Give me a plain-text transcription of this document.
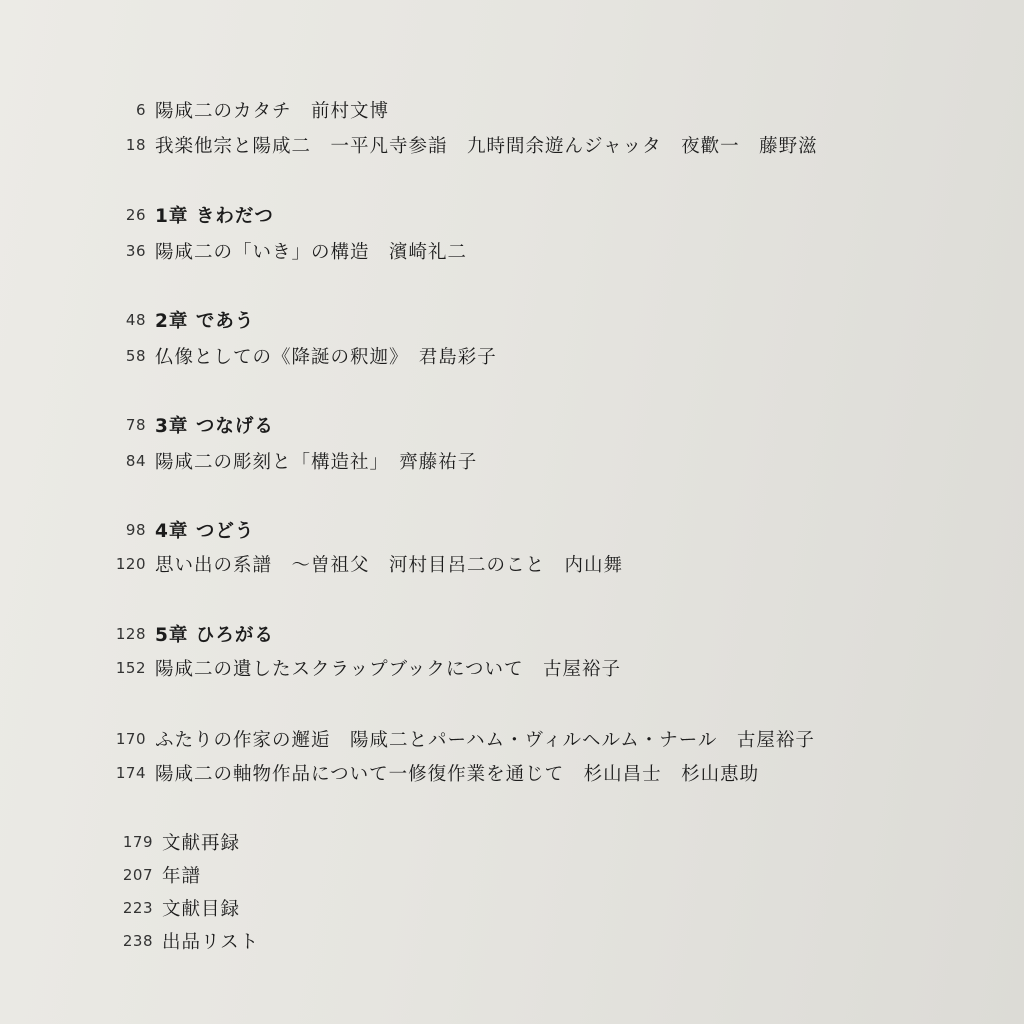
6 陽咸二のカタチ　前村文博
18 我楽他宗と陽咸二　一平凡寺参詣　九時間余遊んジャッタ　夜歡一　藤野滋
26 1章 きわだつ
36 陽咸二の「いき」の構造　濱崎礼二
48 2章 であう
58 仏像としての《降誕の釈迦》　君島彩子
78 3章 つなげる
84 陽咸二の彫刻と「構造社」　齊藤祐子
98 4章 つどう
120 思い出の系譜　～曽祖父　河村目呂二のこと　内山舞
128 5章 ひろがる
152 陽咸二の遺したスクラップブックについて　古屋裕子
170 ふたりの作家の邂逅　陽咸二とパーハム・ヴィルヘルム・ナール　古屋裕子
174 陽咸二の軸物作品について一修復作業を通じて　杉山昌士　杉山恵助
179 文献再録
207 年譜
223 文献目録
238 出品リスト
